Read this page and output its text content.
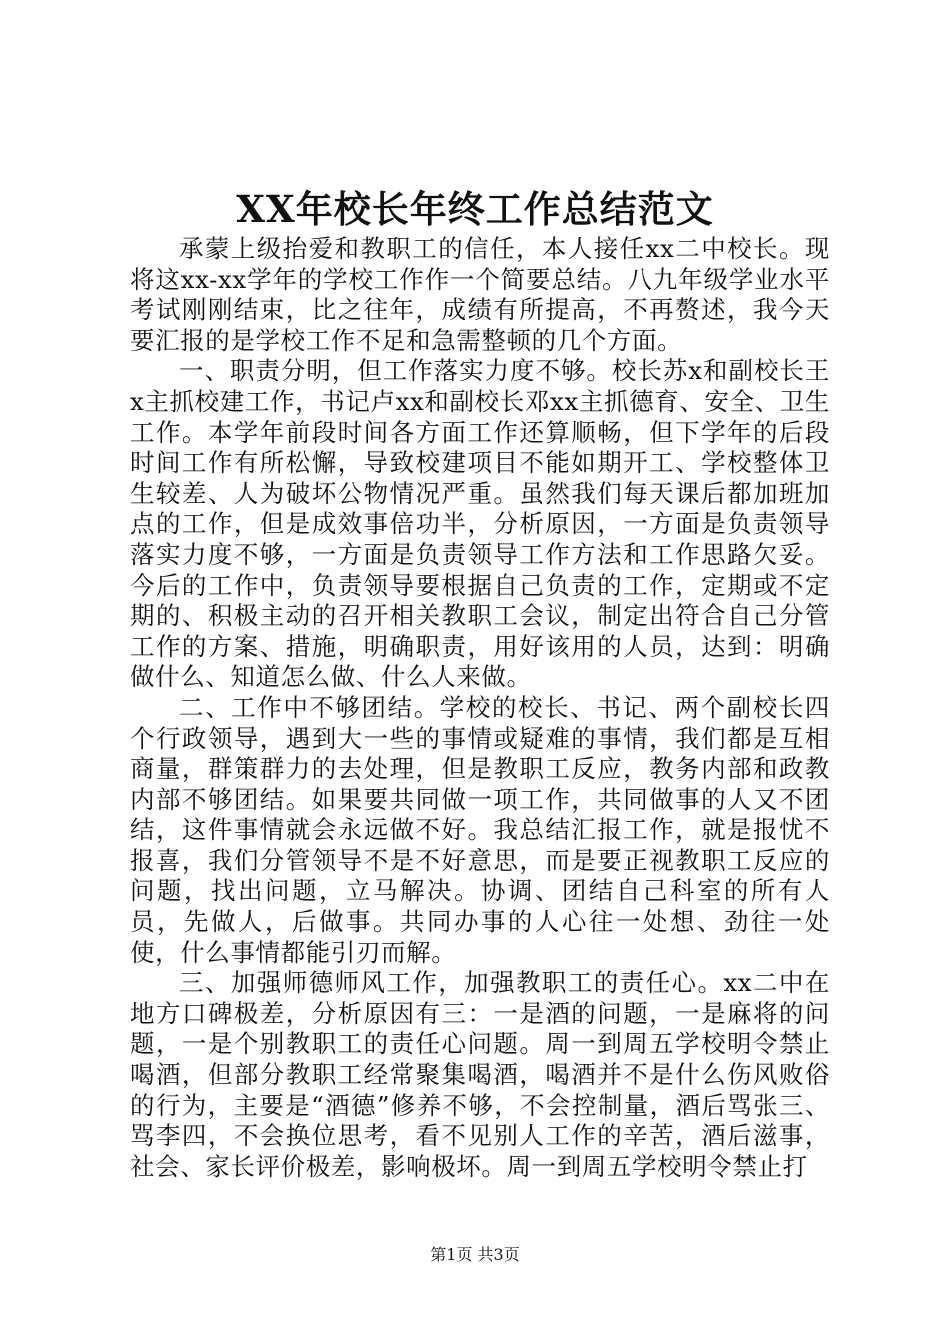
XX年校长年终工作总结范文

承蒙上级抬爱和教职工的信任，本人接任xx二中校长。现将这xx-xx学年的学校工作作一个简要总结。八九年级学业水平考试刚刚结束，比之往年，成绩有所提高，不再赘述，我今天要汇报的是学校工作不足和急需整顿的几个方面。

一、职责分明，但工作落实力度不够。校长苏x和副校长王x主抓校建工作，书记卢xx和副校长邓xx主抓德育、安全、卫生工作。本学年前段时间各方面工作还算顺畅，但下学年的后段时间工作有所松懈，导致校建项目不能如期开工、学校整体卫生较差、人为破坏公物情况严重。虽然我们每天课后都加班加点的工作，但是成效事倍功半，分析原因，一方面是负责领导落实力度不够，一方面是负责领导工作方法和工作思路欠妥。今后的工作中，负责领导要根据自己负责的工作，定期或不定期的、积极主动的召开相关教职工会议，制定出符合自己分管工作的方案、措施，明确职责，用好该用的人员，达到：明确做什么、知道怎么做、什么人来做。

二、工作中不够团结。学校的校长、书记、两个副校长四个行政领导，遇到大一些的事情或疑难的事情，我们都是互相商量，群策群力的去处理，但是教职工反应，教务内部和政教内部不够团结。如果要共同做一项工作，共同做事的人又不团结，这件事情就会永远做不好。我总结汇报工作，就是报忧不报喜，我们分管领导不是不好意思，而是要正视教职工反应的问题，找出问题，立马解决。协调、团结自己科室的所有人员，先做人，后做事。共同办事的人心往一处想、劲往一处使，什么事情都能引刃而解。

三、加强师德师风工作，加强教职工的责任心。xx二中在地方口碑极差，分析原因有三：一是酒的问题，一是麻将的问题，一是个别教职工的责任心问题。周一到周五学校明令禁止喝酒，但部分教职工经常聚集喝酒，喝酒并不是什么伤风败俗的行为，主要是“酒德”修养不够，不会控制量，酒后骂张三、骂李四，不会换位思考，看不见别人工作的辛苦，酒后滋事，社会、家长评价极差，影响极坏。周一到周五学校明令禁止打

第1页 共3页
